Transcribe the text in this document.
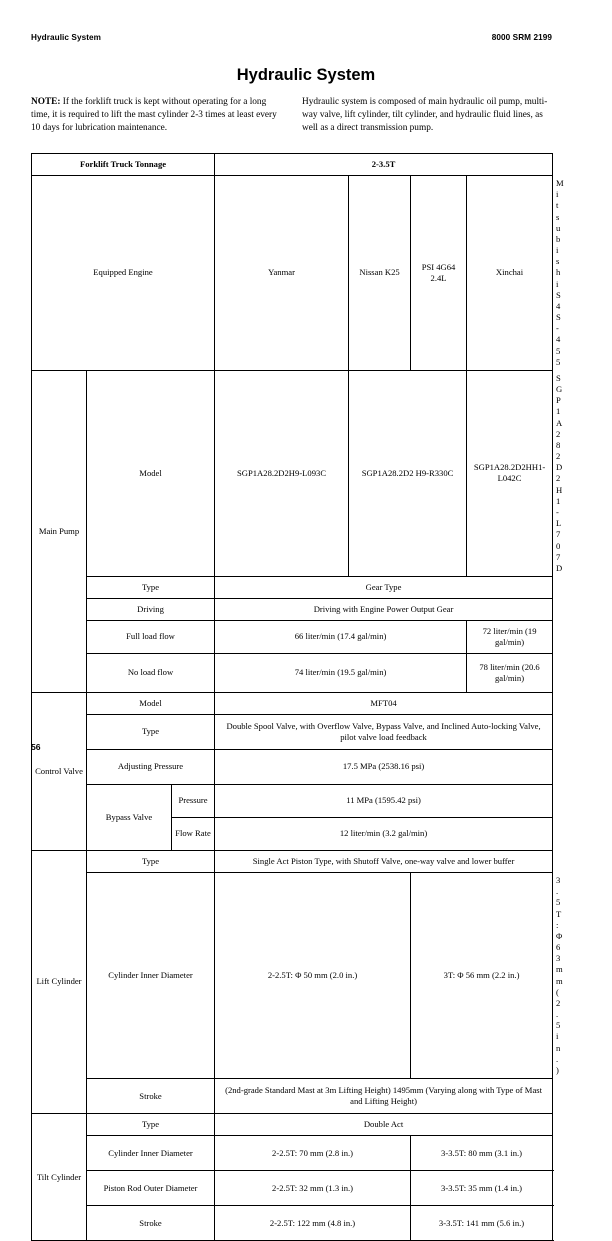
Hydraulic System	8000 SRM 2199
Hydraulic System
NOTE: If the forklift truck is kept without operating for a long time, it is required to lift the mast cylinder 2-3 times at least every 10 days for lubrication maintenance.
Hydraulic system is composed of main hydraulic oil pump, multi-way valve, lift cylinder, tilt cylinder, and hydraulic fluid lines, as well as a direct transmission pump.
Forklift Truck Tonnage			2-3.5T				
Equipped Engine			Yanmar	Nissan K25	PSI 4G64 2.4L	Xinchai	Mitsubishi S4S-455
Main Pump	Model		SGP1A28.2D2H9-L093C	SGP1A28.2D2 H9-R330C		SGP1A28.2D2HH1-L042C	SGP1A282D2H1-L707D
	Type		Gear Type				
	Driving		Driving with Engine Power Output Gear				
	Full load flow		66 liter/min (17.4 gal/min)			72 liter/min (19 gal/min)	
	No load flow		74 liter/min (19.5 gal/min)			78 liter/min (20.6 gal/min)	
Control Valve	Model		MFT04				
	Type		Double Spool Valve, with Overflow Valve, Bypass Valve, and Inclined Auto-locking Valve, pilot valve load feedback				
	Adjusting Pressure		17.5 MPa (2538.16 psi)				
	Bypass Valve	Pressure	11 MPa (1595.42 psi)				
		Flow Rate	12 liter/min (3.2 gal/min)				
Lift Cylinder	Type		Single Act Piston Type, with Shutoff Valve, one-way valve and lower buffer				
	Cylinder Inner Diameter		2-2.5T: Φ 50 mm (2.0 in.)		3T: Φ 56 mm (2.2 in.)		3.5T: Φ 63 mm (2.5 in.)
	Stroke		(2nd-grade Standard Mast at 3m Lifting Height) 1495mm (Varying along with Type of Mast and Lifting Height)				
Tilt Cylinder	Type		Double Act				
	Cylinder Inner Diameter		2-2.5T: 70 mm (2.8 in.)		3-3.5T: 80 mm (3.1 in.)		
	Piston Rod Outer Diameter		2-2.5T: 32 mm (1.3 in.)		3-3.5T: 35 mm (1.4 in.)		
	Stroke		2-2.5T: 122 mm (4.8 in.)		3-3.5T: 141 mm (5.6 in.)		
56
